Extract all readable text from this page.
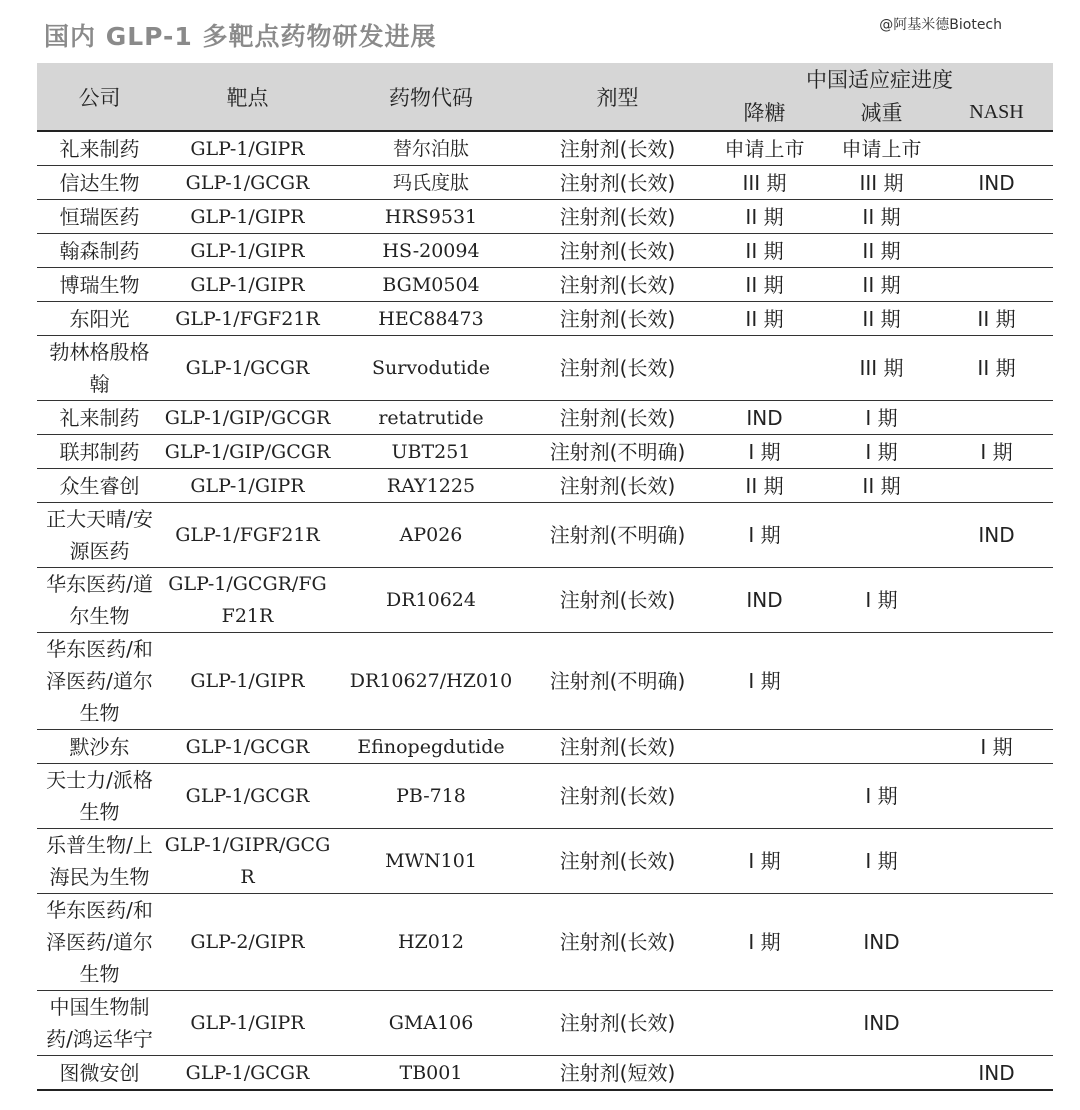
国内 GLP-1 多靶点药物研发进展	@阿基米德Biotech
公司	靶点	药物代码	剂型	中国适应症进度		
				降糖	减重	NASH
礼来制药	GLP-1/GIPR	替尔泊肽	注射剂(长效)	申请上市	申请上市	
信达生物	GLP-1/GCGR	玛氏度肽	注射剂(长效)	III 期	III 期	IND
恒瑞医药	GLP-1/GIPR	HRS9531	注射剂(长效)	II 期	II 期	
翰森制药	GLP-1/GIPR	HS-20094	注射剂(长效)	II 期	II 期	
博瑞生物	GLP-1/GIPR	BGM0504	注射剂(长效)	II 期	II 期	
东阳光	GLP-1/FGF21R	HEC88473	注射剂(长效)	II 期	II 期	II 期
勃林格殷格翰	GLP-1/GCGR	Survodutide	注射剂(长效)		III 期	II 期
礼来制药	GLP-1/GIP/GCGR	retatrutide	注射剂(长效)	IND	I 期	
联邦制药	GLP-1/GIP/GCGR	UBT251	注射剂(不明确)	I 期	I 期	I 期
众生睿创	GLP-1/GIPR	RAY1225	注射剂(长效)	II 期	II 期	
正大天晴/安源医药	GLP-1/FGF21R	AP026	注射剂(不明确)	I 期		IND
华东医药/道尔生物	GLP-1/GCGR/FGF21R	DR10624	注射剂(长效)	IND	I 期	
华东医药/和泽医药/道尔生物	GLP-1/GIPR	DR10627/HZ010	注射剂(不明确)	I 期		
默沙东	GLP-1/GCGR	Efinopegdutide	注射剂(长效)			I 期
天士力/派格生物	GLP-1/GCGR	PB-718	注射剂(长效)		I 期	
乐普生物/上海民为生物	GLP-1/GIPR/GCGR	MWN101	注射剂(长效)	I 期	I 期	
华东医药/和泽医药/道尔生物	GLP-2/GIPR	HZ012	注射剂(长效)	I 期	IND	
中国生物制药/鸿运华宁	GLP-1/GIPR	GMA106	注射剂(长效)		IND	
图微安创	GLP-1/GCGR	TB001	注射剂(短效)			IND
